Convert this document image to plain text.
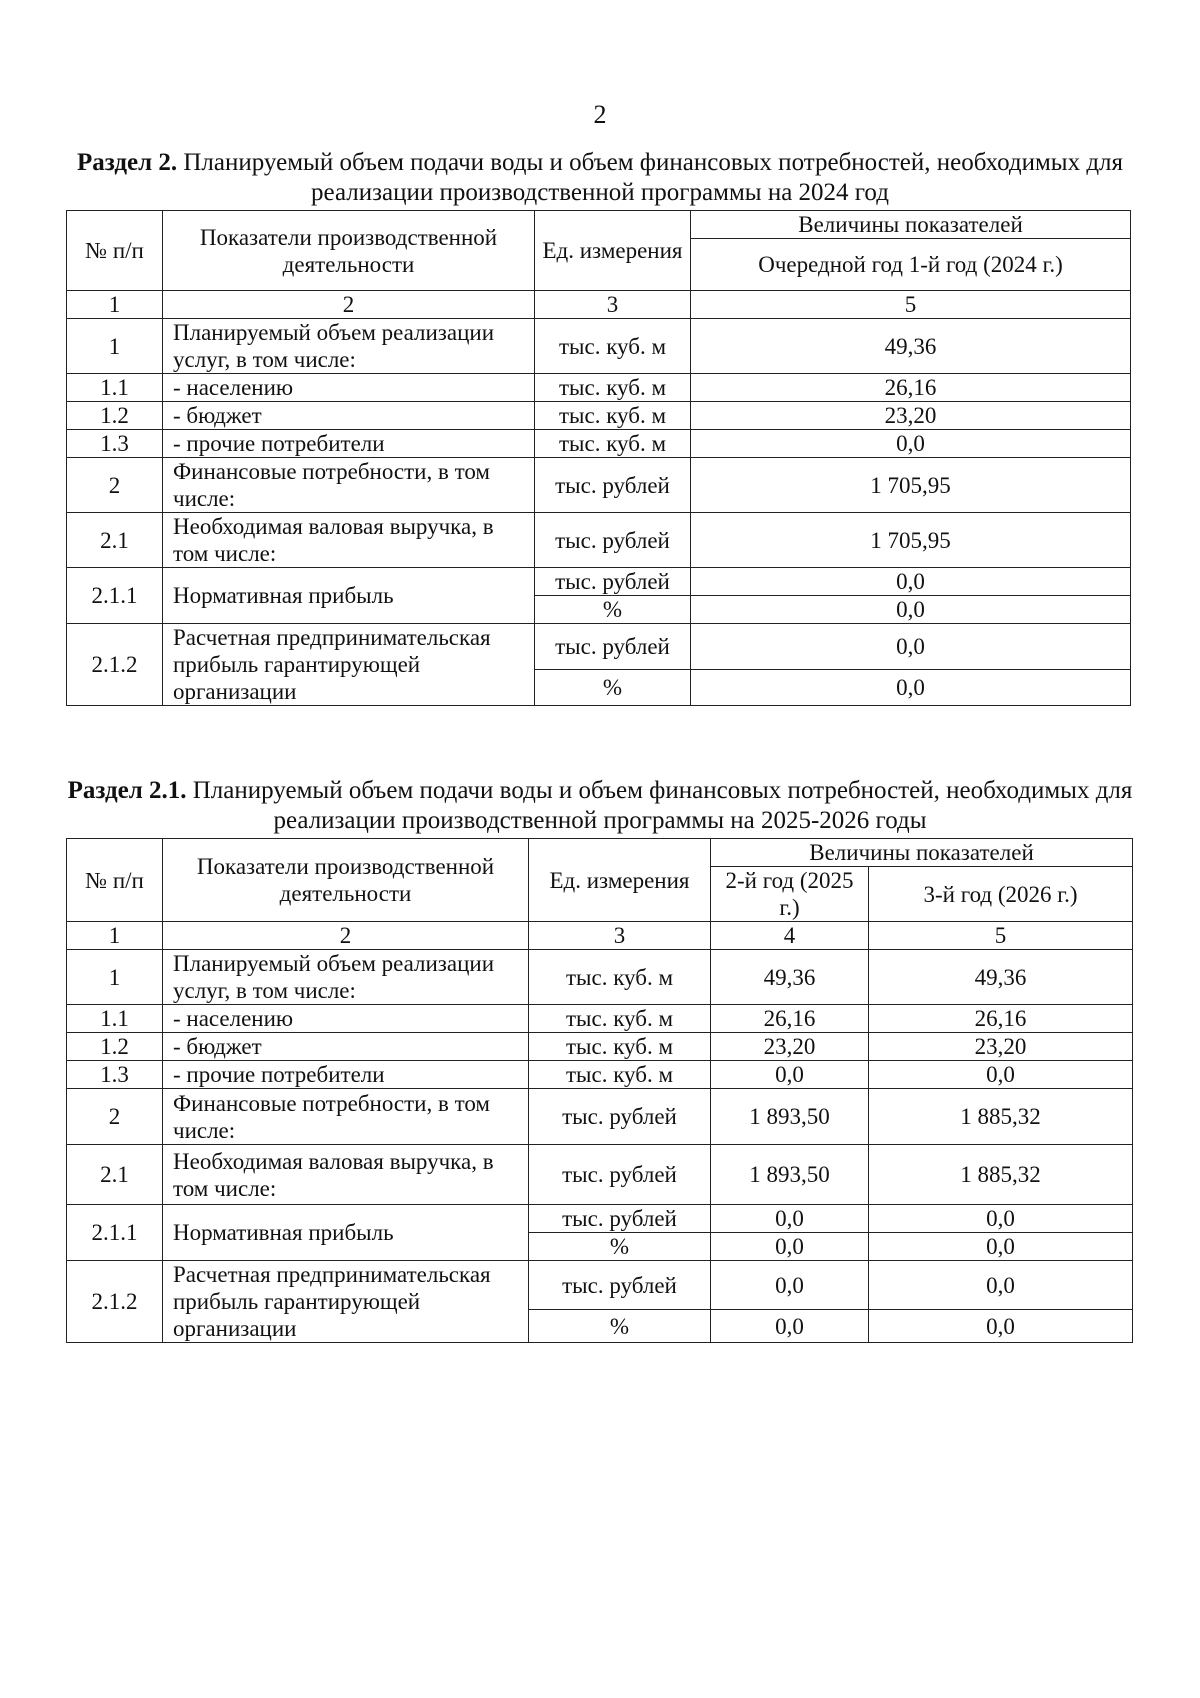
2
Раздел 2. Планируемый объем подачи воды и объем финансовых потребностей, необходимых для реализации производственной программы на 2024 год
№ п/п	Показатели производственной деятельности	Ед. измерения	Величины показателей
			Очередной год 1-й год (2024 г.)
1	2	3	5
1	Планируемый объем реализации услуг, в том числе:	тыс. куб. м	49,36
1.1	- населению	тыс. куб. м	26,16
1.2	- бюджет	тыс. куб. м	23,20
1.3	- прочие потребители	тыс. куб. м	0,0
2	Финансовые потребности, в том числе:	тыс. рублей	1 705,95
2.1	Необходимая валовая выручка, в том числе:	тыс. рублей	1 705,95
2.1.1	Нормативная прибыль	тыс. рублей	0,0
		%	0,0
2.1.2	Расчетная предпринимательская прибыль гарантирующей организации	тыс. рублей	0,0
		%	0,0
Раздел 2.1. Планируемый объем подачи воды и объем финансовых потребностей, необходимых для реализации производственной программы на 2025-2026 годы
№ п/п	Показатели производственной деятельности	Ед. измерения	Величины показателей	
			2-й год (2025 г.)	3-й год (2026 г.)
1	2	3	4	5
1	Планируемый объем реализации услуг, в том числе:	тыс. куб. м	49,36	49,36
1.1	- населению	тыс. куб. м	26,16	26,16
1.2	- бюджет	тыс. куб. м	23,20	23,20
1.3	- прочие потребители	тыс. куб. м	0,0	0,0
2	Финансовые потребности, в том числе:	тыс. рублей	1 893,50	1 885,32
2.1	Необходимая валовая выручка, в том числе:	тыс. рублей	1 893,50	1 885,32
2.1.1	Нормативная прибыль	тыс. рублей	0,0	0,0
		%	0,0	0,0
2.1.2	Расчетная предпринимательская прибыль гарантирующей организации	тыс. рублей	0,0	0,0
		%	0,0	0,0
